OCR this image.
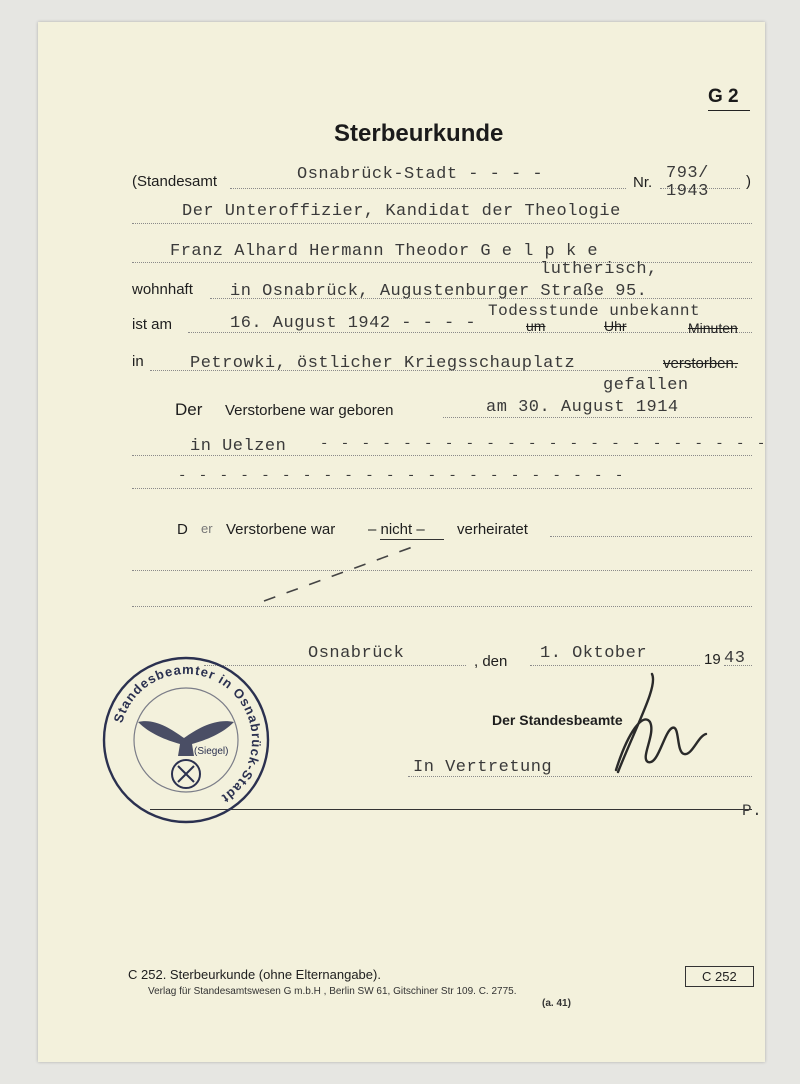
G 2
Sterbeurkunde
(Standesamt	Osnabrück-Stadt - - - -	Nr. 793/
1943
)
Der Unteroffizier, Kandidat der Theologie
Franz Alhard Hermann Theodor G e l p k e
lutherisch,
wohnhaft in Osnabrück, Augustenburger Straße 95.
ist am	16. August 1942 - - - -
Todesstunde unbekannt
um	Uhr	Minuten
in	Petrowki, östlicher Kriegsschauplatz	verstorben.
gefallen
Der Verstorbene war geboren	am 30. August 1914
in Uelzen - - - - - - - - - - - - - - - - - - - - - -
- - - - - - - - - - - - - - - - - - - - - -
D er Verstorbene war – nicht – verheiratet
Osnabrück	, den 1. Oktober	19 43
Der Standesbeamte
In Vertretung
P.
Standesbeamter in Osnabrück-Stadt
(Siegel)
C 252. Sterbeurkunde (ohne Elternangabe).
Verlag für Standesamtswesen G m.b.H , Berlin SW 61, Gitschiner Str 109. C. 2775.
(a. 41)
C 252
